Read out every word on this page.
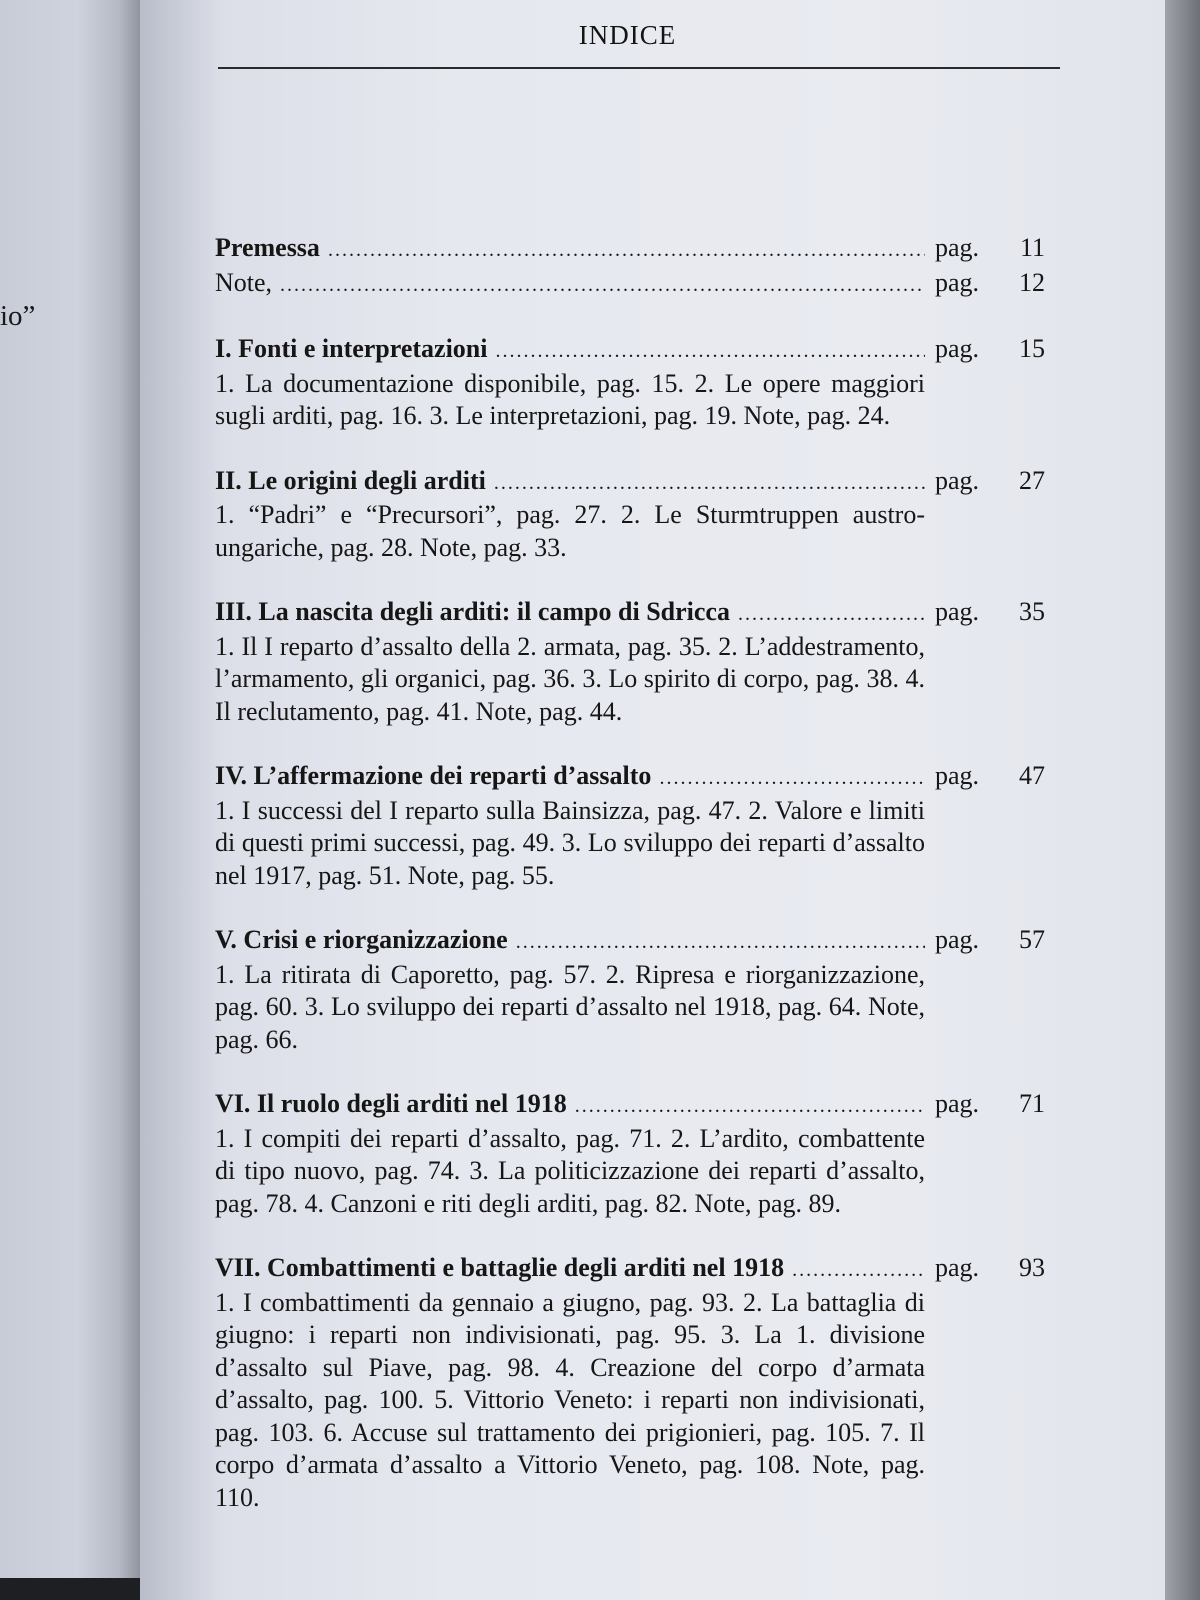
io”
INDICE
Premessa .....	pag. 11
Note, .....	pag. 12
I. Fonti e interpretazioni .....	pag. 15
1. La documentazione disponibile, pag. 15. 2. Le opere maggiori sugli arditi, pag. 16. 3. Le interpretazioni, pag. 19. Note, pag. 24.
II. Le origini degli arditi .....	pag. 27
1. “Padri” e “Precursori”, pag. 27. 2. Le Sturmtruppen austro-ungariche, pag. 28. Note, pag. 33.
III. La nascita degli arditi: il campo di Sdricca .....	pag. 35
1. Il I reparto d’assalto della 2. armata, pag. 35. 2. L’addestramento, l’armamento, gli organici, pag. 36. 3. Lo spirito di corpo, pag. 38. 4. Il reclutamento, pag. 41. Note, pag. 44.
IV. L’affermazione dei reparti d’assalto .....	pag. 47
1. I successi del I reparto sulla Bainsizza, pag. 47. 2. Valore e limiti di questi primi successi, pag. 49. 3. Lo sviluppo dei reparti d’assalto nel 1917, pag. 51. Note, pag. 55.
V. Crisi e riorganizzazione .....	pag. 57
1. La ritirata di Caporetto, pag. 57. 2. Ripresa e riorganizzazione, pag. 60. 3. Lo sviluppo dei reparti d’assalto nel 1918, pag. 64. Note, pag. 66.
VI. Il ruolo degli arditi nel 1918 .....	pag. 71
1. I compiti dei reparti d’assalto, pag. 71. 2. L’ardito, combattente di tipo nuovo, pag. 74. 3. La politicizzazione dei reparti d’assalto, pag. 78. 4. Canzoni e riti degli arditi, pag. 82. Note, pag. 89.
VII. Combattimenti e battaglie degli arditi nel 1918 .....	pag. 93
1. I combattimenti da gennaio a giugno, pag. 93. 2. La battaglia di giugno: i reparti non indivisionati, pag. 95. 3. La 1. divisione d’assalto sul Piave, pag. 98. 4. Creazione del corpo d’armata d’assalto, pag. 100. 5. Vittorio Veneto: i reparti non indivisionati, pag. 103. 6. Accuse sul trattamento dei prigionieri, pag. 105. 7. Il corpo d’armata d’assalto a Vittorio Veneto, pag. 108. Note, pag. 110.
